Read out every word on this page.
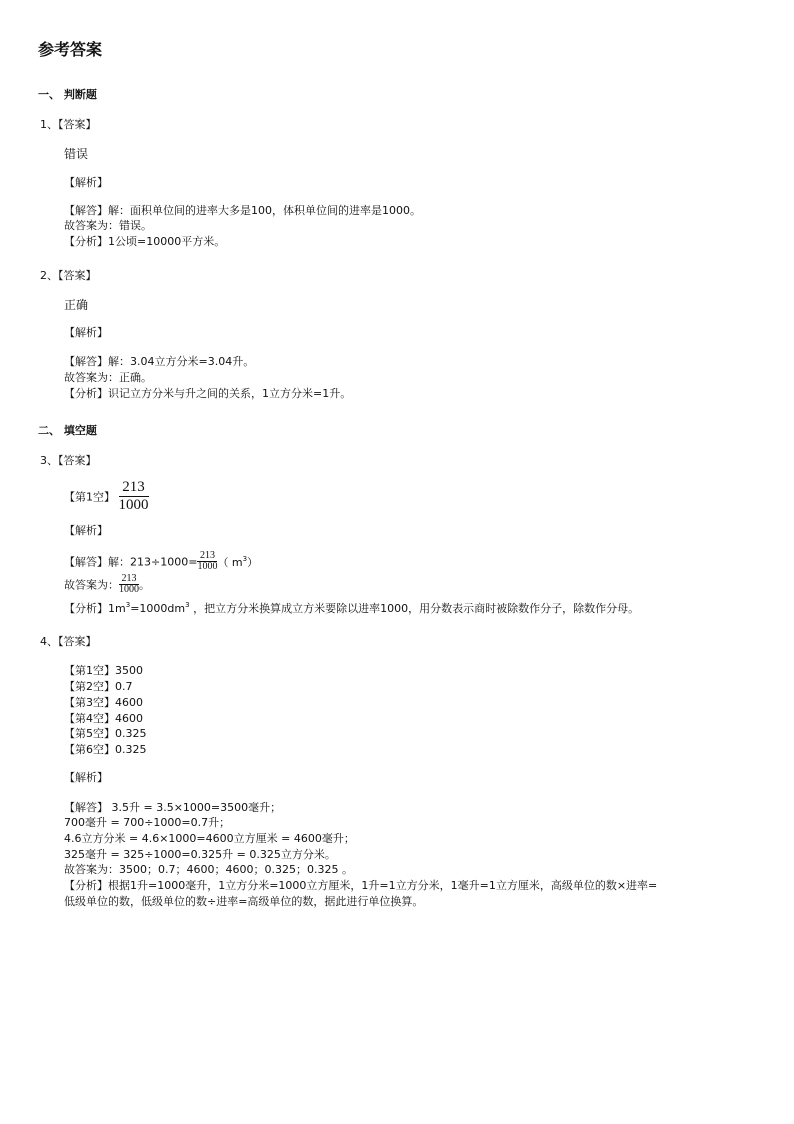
参考答案
一、 判断题
1、【答案】
错误
【解析】
【解答】解：面积单位间的进率大多是100，体积单位间的进率是1000。
故答案为：错误。
【分析】1公顷=10000平方米。
2、【答案】
正确
【解析】
【解答】解：3.04立方分米=3.04升。
故答案为：正确。
【分析】识记立方分米与升之间的关系，1立方分米=1升。
二、 填空题
3、【答案】
【第1空】 $\frac{213}{1000}$
【解析】
【解答】解：$213\div 1000= \frac{213}{1000}$ （ $m^3$）
故答案为： $\frac{213}{1000}$ 。
【分析】$1m^3=1000dm^3$ ，把立方分米换算成立方米要除以进率1000，用分数表示商时被除数作分子，除数作分母。
4、【答案】
【第1空】3500
【第2空】0.7
【第3空】4600
【第4空】4600
【第5空】0.325
【第6空】0.325
【解析】
【解答】 3.5升 = 3.5×1000=3500毫升；
700毫升 = 700÷1000=0.7升；
4.6立方分米 = 4.6×1000=4600立方厘米 = 4600毫升；
325毫升 = 325÷1000=0.325升 = 0.325立方分米。
故答案为：3500；0.7；4600；4600；0.325；0.325 。
【分析】根据1升=1000毫升，1立方分米=1000立方厘米，1升=1立方分米，1毫升=1立方厘米，高级单位的数×进率=
低级单位的数，低级单位的数÷进率=高级单位的数，据此进行单位换算。
